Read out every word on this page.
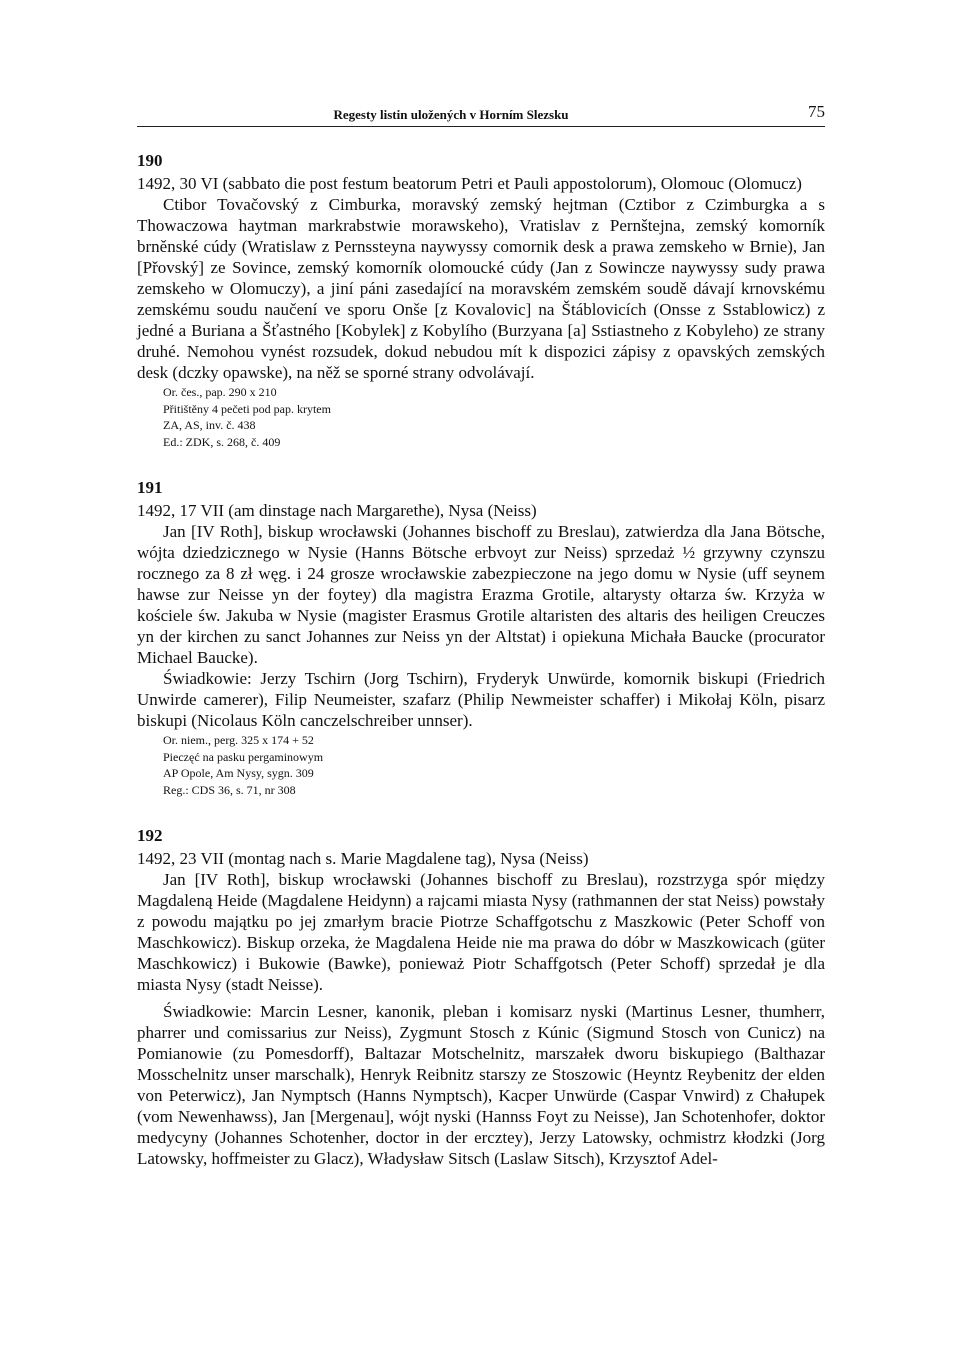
Regesty listin uložených v Horním Slezsku	75
190
1492, 30 VI (sabbato die post festum beatorum Petri et Pauli appostolorum), Olomouc (Olomucz)
Ctibor Tovačovský z Cimburka, moravský zemský hejtman (Cztibor z Czimburgka a s Thowaczowa haytman markrabstwie morawskeho), Vratislav z Pernštejna, zemský komorník brněnské cúdy (Wratislaw z Pernssteyna naywyssy comornik desk a prawa zemskeho w Brnie), Jan [Přovský] ze Sovince, zemský komorník olomoucké cúdy (Jan z Sowincze naywyssy sudy prawa zemskeho w Olomuczy), a jiní páni zasedající na moravském zemském soudě dávají krnovskému zemskému soudu naučení ve sporu Onše [z Kovalovic] na Štáblovicích (Onsse z Sstablowicz) z jedné a Buriana a Šťastného [Kobylek] z Kobylího (Burzyana [a] Sstiastneho z Kobyleho) ze strany druhé. Nemohou vynést rozsudek, dokud nebudou mít k dispozici zápisy z opavských zemských desk (dczky opawske), na něž se sporné strany odvolávají.
Or. čes., pap. 290 x 210
Přitištěny 4 pečeti pod pap. krytem
ZA, AS, inv. č. 438
Ed.: ZDK, s. 268, č. 409
191
1492, 17 VII (am dinstage nach Margarethe), Nysa (Neiss)
Jan [IV Roth], biskup wrocławski (Johannes bischoff zu Breslau), zatwierdza dla Jana Bötsche, wójta dziedzicznego w Nysie (Hanns Bötsche erbvoyt zur Neiss) sprzedaż ½ grzywny czynszu rocznego za 8 zł węg. i 24 grosze wrocławskie zabezpieczone na jego domu w Nysie (uff seynem hawse zur Neisse yn der foytey) dla magistra Erazma Grotile, altarysty ołtarza św. Krzyża w kościele św. Jakuba w Nysie (magister Erasmus Grotile altaristen des altaris des heiligen Creuczes yn der kirchen zu sanct Johannes zur Neiss yn der Altstat) i opiekuna Michała Baucke (procurator Michael Baucke).
Świadkowie: Jerzy Tschirn (Jorg Tschirn), Fryderyk Unwürde, komornik biskupi (Friedrich Unwirde camerer), Filip Neumeister, szafarz (Philip Newmeister schaffer) i Mikołaj Köln, pisarz biskupi (Nicolaus Köln canczelschreiber unnser).
Or. niem., perg. 325 x 174 + 52
Pieczęć na pasku pergaminowym
AP Opole, Am Nysy, sygn. 309
Reg.: CDS 36, s. 71, nr 308
192
1492, 23 VII (montag nach s. Marie Magdalene tag), Nysa (Neiss)
Jan [IV Roth], biskup wrocławski (Johannes bischoff zu Breslau), rozstrzyga spór między Magdaleną Heide (Magdalene Heidynn) a rajcami miasta Nysy (rathmannen der stat Neiss) powstały z powodu majątku po jej zmarłym bracie Piotrze Schaffgotschu z Maszkowic (Peter Schoff von Maschkowicz). Biskup orzeka, że Magdalena Heide nie ma prawa do dóbr w Maszkowicach (güter Maschkowicz) i Bukowie (Bawke), ponieważ Piotr Schaffgotsch (Peter Schoff) sprzedał je dla miasta Nysy (stadt Neisse).
Świadkowie: Marcin Lesner, kanonik, pleban i komisarz nyski (Martinus Lesner, thumherr, pharrer und comissarius zur Neiss), Zygmunt Stosch z Kúnic (Sigmund Stosch von Cunicz) na Pomianowie (zu Pomesdorff), Baltazar Motschelnitz, marszałek dworu biskupiego (Balthazar Mosschelnitz unser marschalk), Henryk Reibnitz starszy ze Stoszowic (Heyntz Reybenitz der elden von Peterwicz), Jan Nymptsch (Hanns Nymptsch), Kacper Unwürde (Caspar Vnwird) z Chałupek (vom Newenhawss), Jan [Mergenau], wójt nyski (Hannss Foyt zu Neisse), Jan Schotenhofer, doktor medycyny (Johannes Schotenher, doctor in der ercztey), Jerzy Latowsky, ochmistrz kłodzki (Jorg Latowsky, hoffmeister zu Glacz), Władysław Sitsch (Laslaw Sitsch), Krzysztof Adel-
